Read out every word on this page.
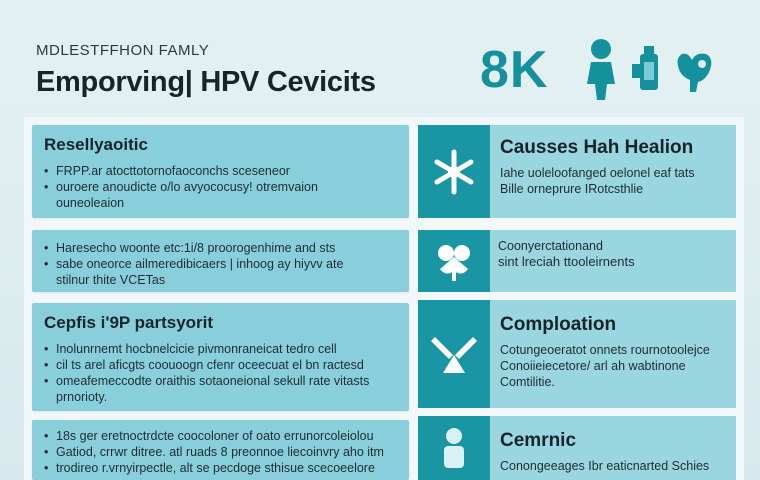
MDLESTFFHON FAMLY
Emporving| HPV Cevicits 8K
Resellyaoitic
• FRPP.ar atocttotornofaoconchs sceseneor
• ouroere anoudicte o/lo avyococusy! otremvaion

ouneoleaion

• Haresecho woonte etc:1i/8 proorogenhime and sts
• sabe oneorce ailmeredibicaers | inhoog ay hiyvv ate

stilnur thite VCETas

Cepfis i'9P partsyorit
• Inolunrnemt hocbnelcicie pivmonraneicat tedro cell
• cil ts arel aficgts coouoogn cfenr oceecuat el bn ractesd
• omeafemeccodte oraithis sotaoneional sekull rate vitasts

prnorioty.

• 18s ger eretnoctrdcte coocoloner of oato errunorcoleiolou
• Gatiod, crrwr ditree. atl ruads 8 preonnoe liecoinvry aho itm
• trodireo r.vrnyirpectle, alt se pecdoge sthisue scecoeelore
Causses Hah Healion

Iahe uoleloofanged oelonel eaf tats

Bille orneprure IRotcsthlie

Coonyerctationand

sint lreciah ttooleirnents

Comploation

Cotungeoeratot onnets rournotoolejce

Conoiieiecetore/ arl ah wabtinone

Comtilitie.

Cemrnic

Conongeeages Ibr eaticnarted Schies
